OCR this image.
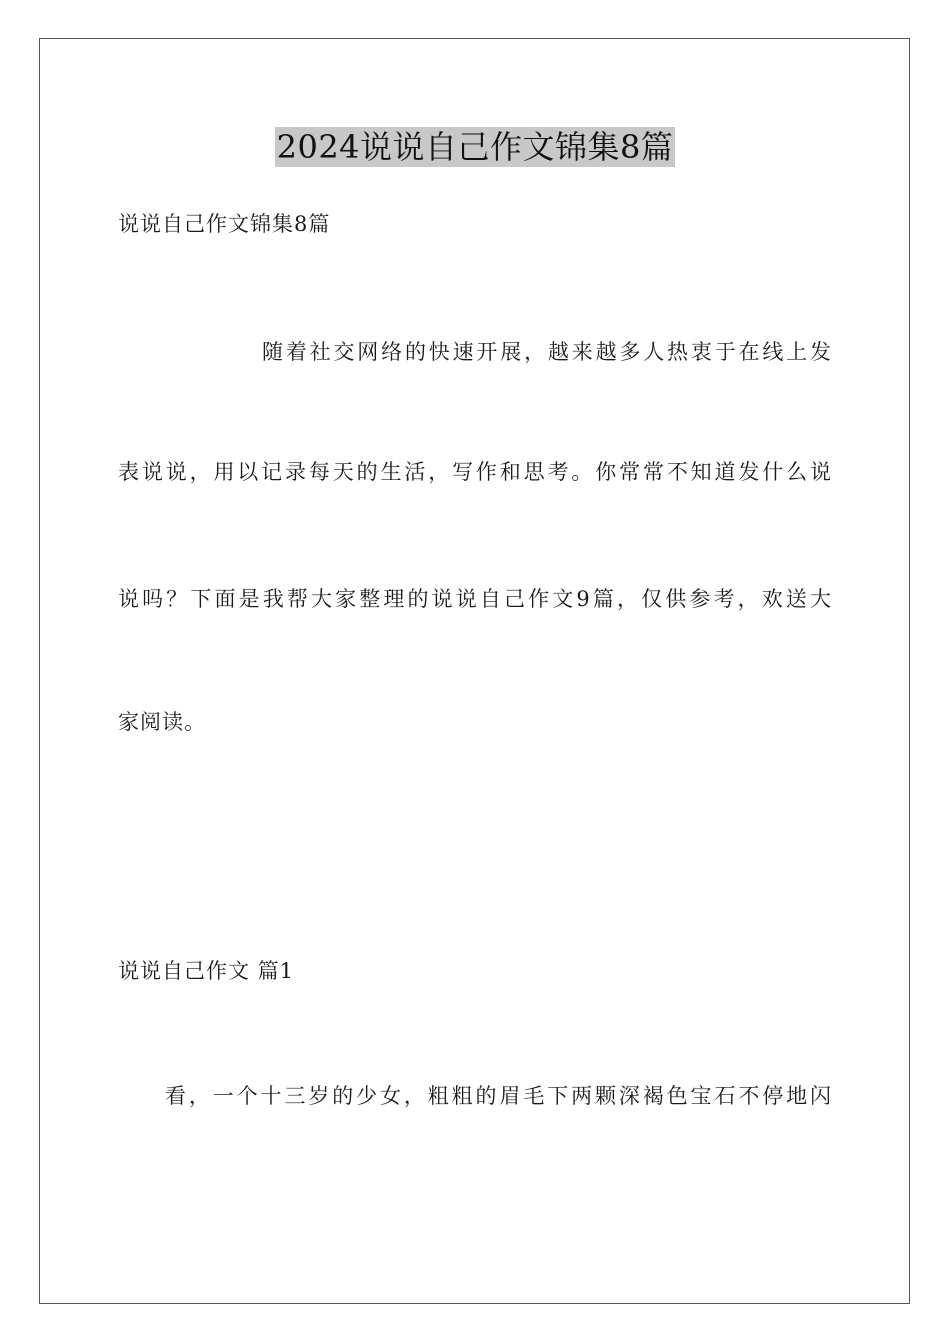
2024说说自己作文锦集8篇
说说自己作文锦集8篇
随着社交网络的快速开展，越来越多人热衷于在线上发
表说说，用以记录每天的生活，写作和思考。你常常不知道发什么说
说吗？下面是我帮大家整理的说说自己作文9篇，仅供参考，欢送大
家阅读。
说说自己作文 篇1
看，一个十三岁的少女，粗粗的眉毛下两颗深褐色宝石不停地闪
